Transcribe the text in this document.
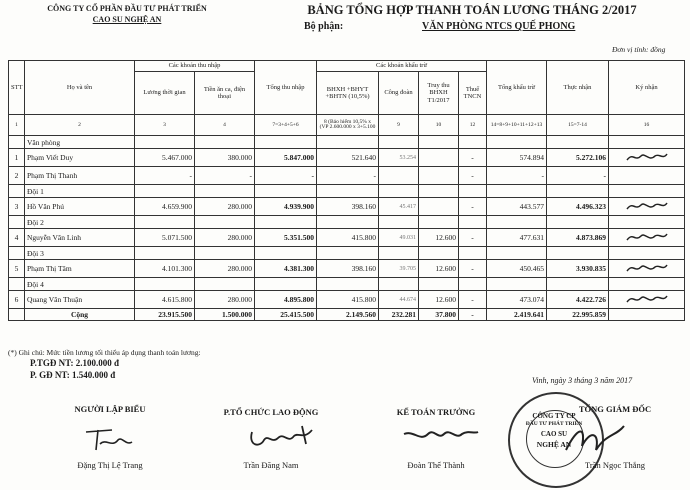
CÔNG TY CỔ PHẦN ĐẦU TƯ PHÁT TRIỂN
CAO SU NGHỆ AN
BẢNG TỔNG HỢP THANH TOÁN LƯƠNG THÁNG 2/2017
Bộ phận:	VĂN PHÒNG NTCS QUẾ PHONG
Đơn vị tính: đồng
STT	Họ và tên	Các khoản thu nhập		Tổng thu nhập	Các khoản khấu trừ				Tổng khấu trừ	Thực nhận	Ký nhận
		Lương thời gian	Tiền ăn ca, điện thoại		BHXH +BHYT +BHTN (10,5%)	Công đoàn	Truy thu BHXH T1/2017	Thuế TNCN			
1	2	3	4	7=3+4+5+6	8 (Bảo hiểm 10,5% x (VP 2.600.000 x 3+5.100	9	10	12	14=8+9+10+11+12+13	15=7-14	16
	Văn phòng										
1	Phạm Viết Duy	5.467.000	380.000	5.847.000	521.640	53.254		-	574.894	5.272.106	
2	Phạm Thị Thanh	-	-	-	-			-	-	-	
	Đội 1										
3	Hồ Văn Phú	4.659.900	280.000	4.939.900	398.160	45.417		-	443.577	4.496.323	
	Đội 2										
4	Nguyễn Văn Linh	5.071.500	280.000	5.351.500	415.800	49.031	12.600	-	477.631	4.873.869	
	Đội 3										
5	Phạm Thị Tâm	4.101.300	280.000	4.381.300	398.160	39.705	12.600	-	450.465	3.930.835	
	Đội 4										
6	Quang Văn Thuận	4.615.800	280.000	4.895.800	415.800	44.674	12.600	-	473.074	4.422.726	
	Cộng	23.915.500	1.500.000	25.415.500	2.149.560	232.281	37.800	-	2.419.641	22.995.859	
(*) Ghi chú: Mức tiền lương tối thiểu áp dụng thanh toán lương:
P.TGĐ NT: 2.100.000 đ
P. GĐ NT: 1.540.000 đ
Vinh, ngày 3 tháng 3 năm 2017
NGƯỜI LẬP BIỂU
Đặng Thị Lệ Trang
P.TỔ CHỨC LAO ĐỘNG
Trần Đăng Nam
KẾ TOÁN TRƯỞNG
Đoàn Thế Thành
TỔNG GIÁM ĐỐC
CÔNG TY CP
ĐẦU TƯ PHÁT TRIỂN
CAO SU
NGHỆ AN
Trần Ngọc Thắng
